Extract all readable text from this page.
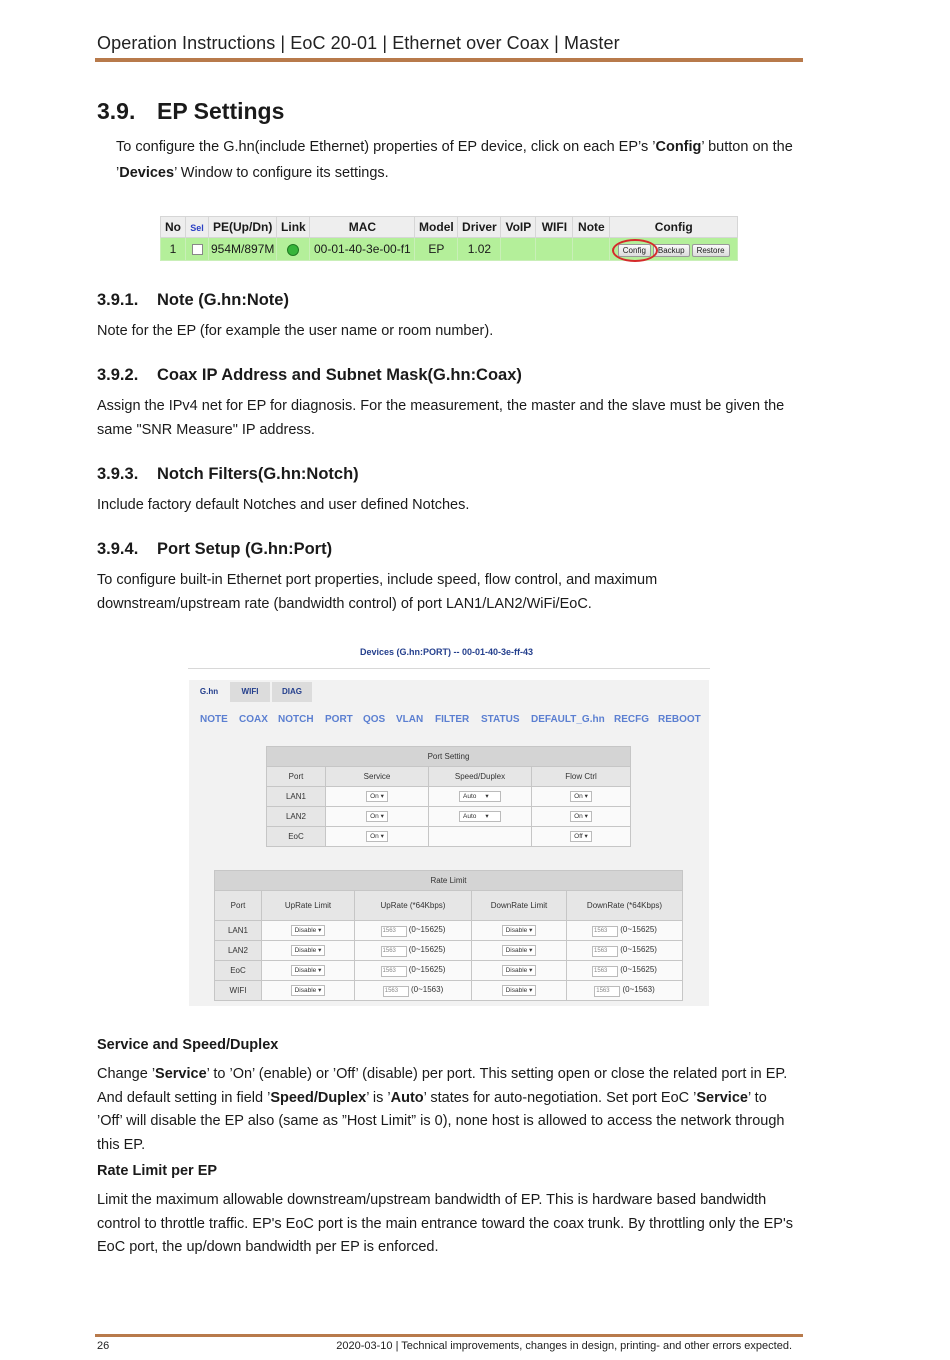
Operation Instructions | EoC 20-01 | Ethernet over Coax | Master
3.9. EP Settings
To configure the G.hn(include Ethernet) properties of EP device, click on each EP’s ’Config’ button on the ’Devices’ Window to configure its settings.
No	Sel	PE(Up/Dn)	Link	MAC	Model	Driver	VoIP	WIFI	Note	Config
1		954M/897M		00-01-40-3e-00-f1	EP	1.02				Config Backup Restore
3.9.1. Note (G.hn:Note)
Note for the EP (for example the user name or room number).
3.9.2. Coax IP Address and Subnet Mask(G.hn:Coax)
Assign the IPv4 net for EP for diagnosis. For the measurement, the master and the slave must be given the same "SNR Measure" IP address.
3.9.3. Notch Filters(G.hn:Notch)
Include factory default Notches and user defined Notches.
3.9.4. Port Setup (G.hn:Port)
To configure built-in Ethernet port properties, include speed, flow control, and maximum downstream/upstream rate (bandwidth control) of port LAN1/LAN2/WiFi/EoC.
Devices (G.hn:PORT) -- 00-01-40-3e-ff-43
G.hn	WIFI	DIAG
NOTE COAX NOTCH PORT QOS VLAN FILTER STATUS DEFAULT_G.hn RECFG REBOOT
Port Setting			
Port	Service	Speed/Duplex	Flow Ctrl
LAN1	On ▾	Auto     ▾	On ▾
LAN2	On ▾	Auto     ▾	On ▾
EoC	On ▾		Off ▾
Rate Limit				
Port	UpRate Limit	UpRate (*64Kbps)	DownRate Limit	DownRate (*64Kbps)
LAN1	Disable ▾	1563 (0~15625)	Disable ▾	1563 (0~15625)
LAN2	Disable ▾	1563 (0~15625)	Disable ▾	1563 (0~15625)
EoC	Disable ▾	1563 (0~15625)	Disable ▾	1563 (0~15625)
WIFI	Disable ▾	1563 (0~1563)	Disable ▾	1563 (0~1563)
Service and Speed/Duplex
Change ’Service’ to ’On’ (enable) or ’Off’ (disable) per port. This setting open or close the related port in EP. And default setting in field ’Speed/Duplex’ is ’Auto’ states for auto-negotiation. Set port EoC ’Service’ to ’Off’ will disable the EP also (same as ”Host Limit” is 0), none host is allowed to access the network through this EP.
Rate Limit per EP
Limit the maximum allowable downstream/upstream bandwidth of EP. This is hardware based bandwidth control to throttle traffic. EP's EoC port is the main entrance toward the coax trunk. By throttling only the EP's EoC port, the up/down bandwidth per EP is enforced.
26	2020-03-10 | Technical improvements, changes in design, printing- and other errors expected.
